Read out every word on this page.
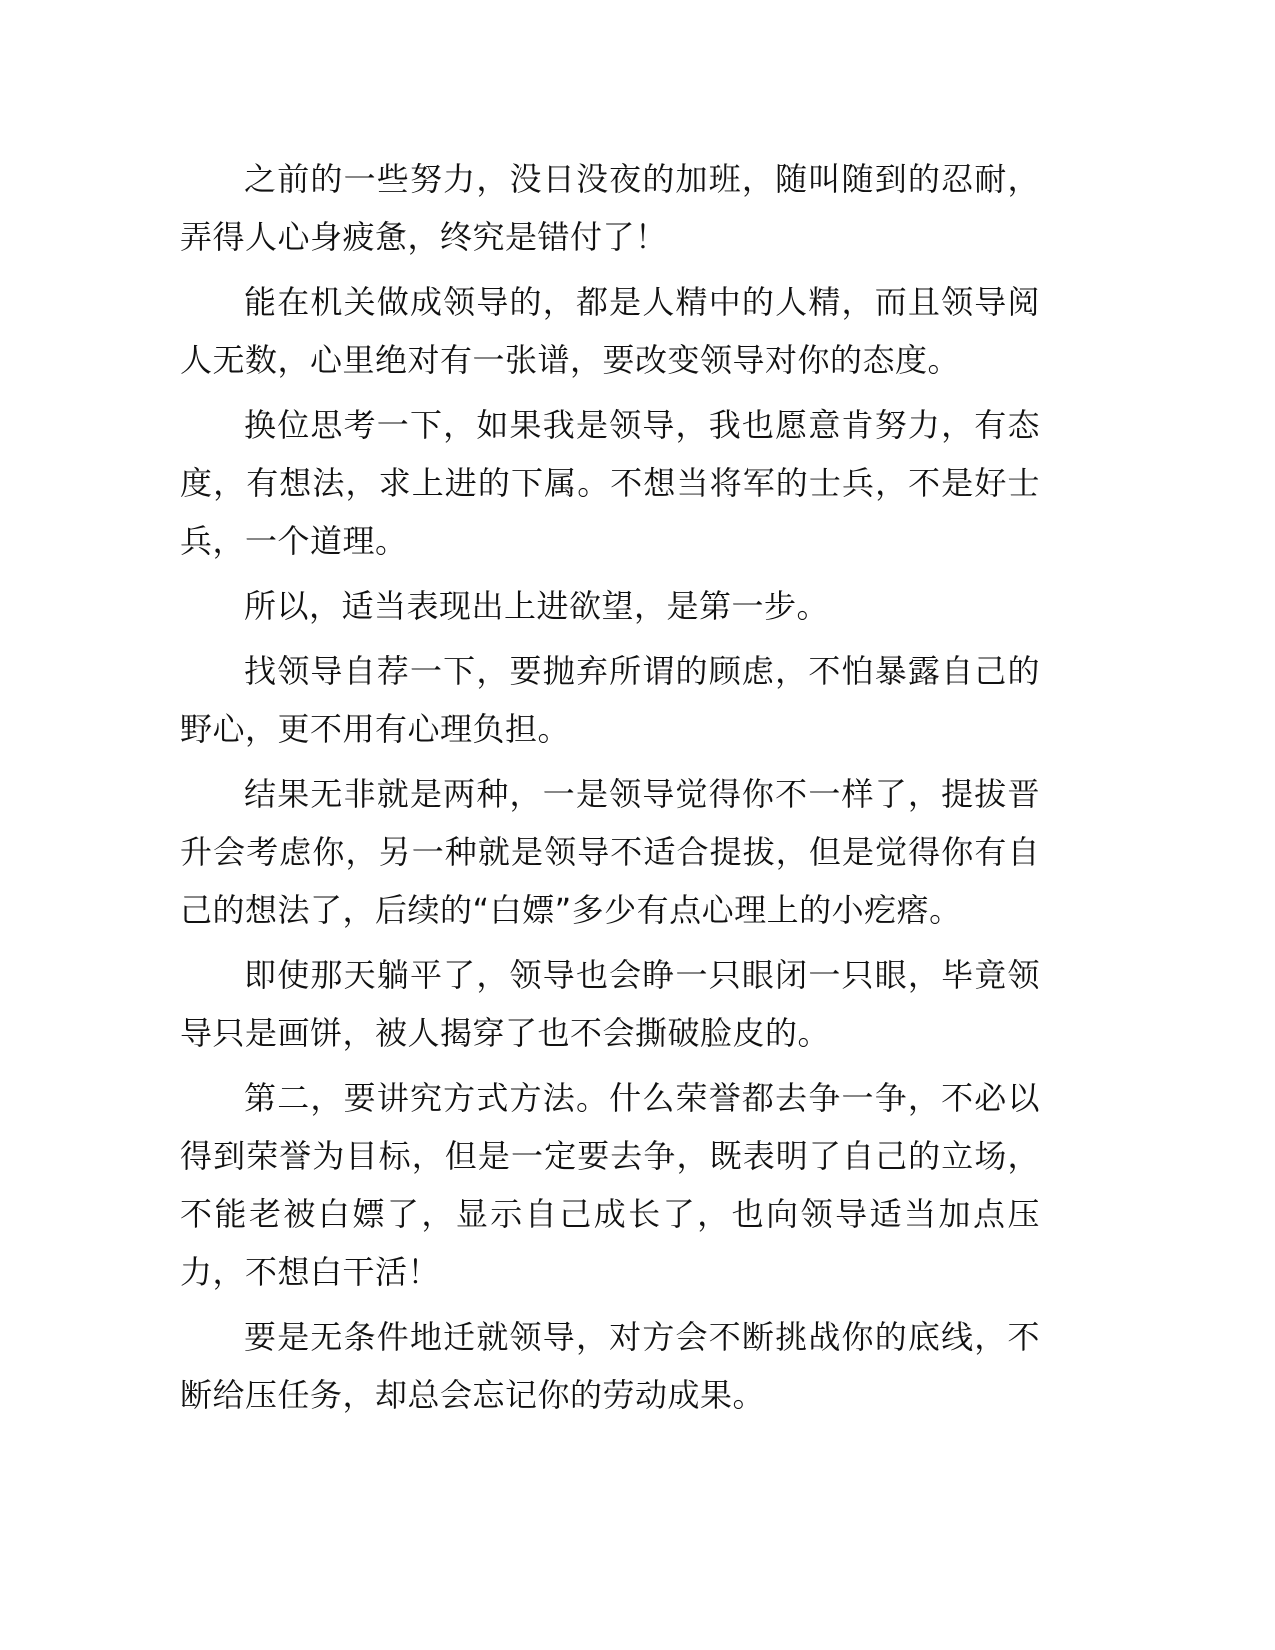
之前的一些努力，没日没夜的加班，随叫随到的忍耐，弄得人心身疲惫，终究是错付了！

能在机关做成领导的，都是人精中的人精，而且领导阅人无数，心里绝对有一张谱，要改变领导对你的态度。

换位思考一下，如果我是领导，我也愿意肯努力，有态度，有想法，求上进的下属。不想当将军的士兵，不是好士兵，一个道理。

所以，适当表现出上进欲望，是第一步。

找领导自荐一下，要抛弃所谓的顾虑，不怕暴露自己的野心，更不用有心理负担。

结果无非就是两种，一是领导觉得你不一样了，提拔晋升会考虑你，另一种就是领导不适合提拔，但是觉得你有自己的想法了，后续的“白嫖”多少有点心理上的小疙瘩。

即使那天躺平了，领导也会睁一只眼闭一只眼，毕竟领导只是画饼，被人揭穿了也不会撕破脸皮的。

第二，要讲究方式方法。什么荣誉都去争一争，不必以得到荣誉为目标，但是一定要去争，既表明了自己的立场，不能老被白嫖了，显示自己成长了，也向领导适当加点压力，不想白干活！

要是无条件地迁就领导，对方会不断挑战你的底线，不断给压任务，却总会忘记你的劳动成果。
